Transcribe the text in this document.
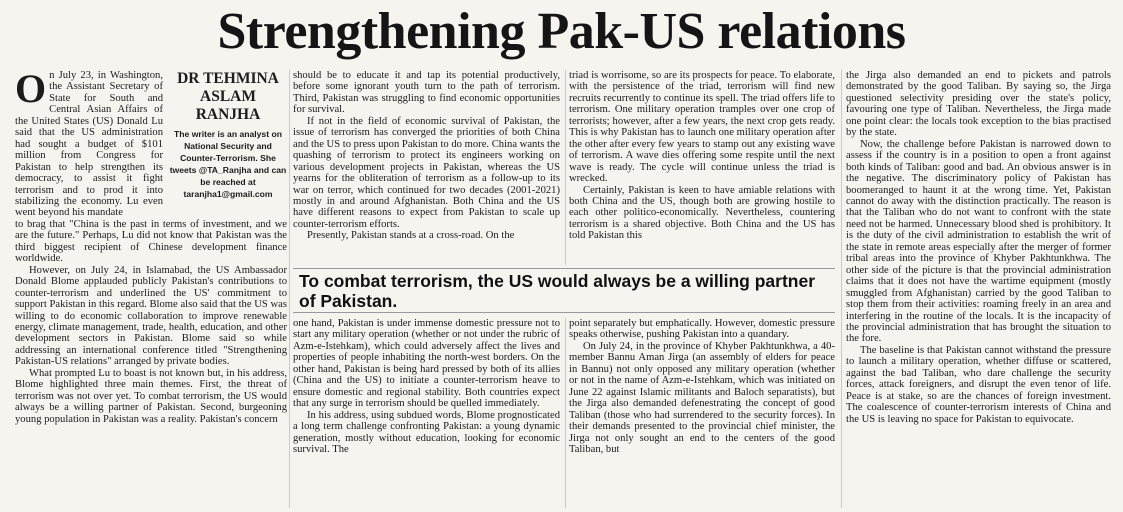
Strengthening Pak-US relations

On July 23, in Washington, the Assistant Secretary of State for South and Central Asian Affairs of the United States (US) Donald Lu said that the US administration had sought a budget of $101 million from Congress for Pakistan to help strengthen its democracy, to assist it fight terrorism and to prod it into stabilizing the economy. Lu even went beyond his mandate

DR TEHMINA ASLAM RANJHA
The writer is an analyst on National Security and Counter-Terrorism. She tweets @TA_Ranjha and can be reached at taranjha1@gmail.com

to brag that "China is the past in terms of investment, and we are the future." Perhaps, Lu did not know that Pakistan was the third biggest recipient of Chinese development finance worldwide.

However, on July 24, in Islamabad, the US Ambassador Donald Blome applauded publicly Pakistan's contributions to counter-terrorism and underlined the US' commitment to support Pakistan in this regard. Blome also said that the US was willing to do economic collaboration to improve renewable energy, climate management, trade, health, education, and other development sectors in Pakistan. Blome said so while addressing an international conference titled "Strengthening Pakistan-US relations" arranged by private bodies.

What prompted Lu to boast is not known but, in his address, Blome highlighted three main themes. First, the threat of terrorism was not over yet. To combat terrorism, the US would always be a willing partner of Pakistan. Second, burgeoning young population in Pakistan was a reality. Pakistan's concern

should be to educate it and tap its potential productively, before some ignorant youth turn to the path of terrorism. Third, Pakistan was struggling to find economic opportunities for survival.

If not in the field of economic survival of Pakistan, the issue of terrorism has converged the priorities of both China and the US to press upon Pakistan to do more. China wants the quashing of terrorism to protect its engineers working on various development projects in Pakistan, whereas the US yearns for the obliteration of terrorism as a follow-up to its war on terror, which continued for two decades (2001-2021) mostly in and around Afghanistan. Both China and the US have different reasons to expect from Pakistan to scale up counter-terrorism efforts.

Presently, Pakistan stands at a cross-road. On the

triad is worrisome, so are its prospects for peace. To elaborate, with the persistence of the triad, terrorism will find new recruits recurrently to continue its spell. The triad offers life to terrorism. One military operation tramples over one crop of terrorists; however, after a few years, the next crop gets ready. This is why Pakistan has to launch one military operation after the other after every few years to stamp out any existing wave of terrorism. A wave dies offering some respite until the next wave is ready. The cycle will continue unless the triad is wrecked.

Certainly, Pakistan is keen to have amiable relations with both China and the US, though both are growing hostile to each other politico-economically. Nevertheless, countering terrorism is a shared objective. Both China and the US has told Pakistan this

To combat terrorism, the US would always be a willing partner of Pakistan.

one hand, Pakistan is under immense domestic pressure not to start any military operation (whether or not under the rubric of Azm-e-Istehkam), which could adversely affect the lives and properties of people inhabiting the north-west borders. On the other hand, Pakistan is being hard pressed by both of its allies (China and the US) to initiate a counter-terrorism heave to ensure domestic and regional stability. Both countries expect that any surge in terrorism should be quelled immediately.

In his address, using subdued words, Blome prognosticated a long term challenge confronting Pakistan: a young dynamic generation, mostly without education, looking for economic survival. The

point separately but emphatically. However, domestic pressure speaks otherwise, pushing Pakistan into a quandary.

On July 24, in the province of Khyber Pakhtunkhwa, a 40-member Bannu Aman Jirga (an assembly of elders for peace in Bannu) not only opposed any military operation (whether or not in the name of Azm-e-Istehkam, which was initiated on June 22 against Islamic militants and Baloch separatists), but the Jirga also demanded defenestrating the concept of good Taliban (those who had surrendered to the security forces). In their demands presented to the provincial chief minister, the Jirga not only sought an end to the centers of the good Taliban, but

the Jirga also demanded an end to pickets and patrols demonstrated by the good Taliban. By saying so, the Jirga questioned selectivity presiding over the state's policy, favouring one type of Taliban. Nevertheless, the Jirga made one point clear: the locals took exception to the bias practised by the state.

Now, the challenge before Pakistan is narrowed down to assess if the country is in a position to open a front against both kinds of Taliban: good and bad. An obvious answer is in the negative. The discriminatory policy of Pakistan has boomeranged to haunt it at the wrong time. Yet, Pakistan cannot do away with the distinction practically. The reason is that the Taliban who do not want to confront with the state need not be harmed. Unnecessary blood shed is prohibitory. It is the duty of the civil administration to establish the writ of the state in remote areas especially after the merger of former tribal areas into the province of Khyber Pakhtunkhwa. The other side of the picture is that the provincial administration claims that it does not have the wartime equipment (mostly smuggled from Afghanistan) carried by the good Taliban to stop them from their activities: roaming freely in an area and interfering in the routine of the locals. It is the incapacity of the provincial administration that has brought the situation to the fore.

The baseline is that Pakistan cannot withstand the pressure to launch a military operation, whether diffuse or scattered, against the bad Taliban, who dare challenge the security forces, attack foreigners, and disrupt the even tenor of life. Peace is at stake, so are the chances of foreign investment. The coalescence of counter-terrorism interests of China and the US is leaving no space for Pakistan to equivocate.
